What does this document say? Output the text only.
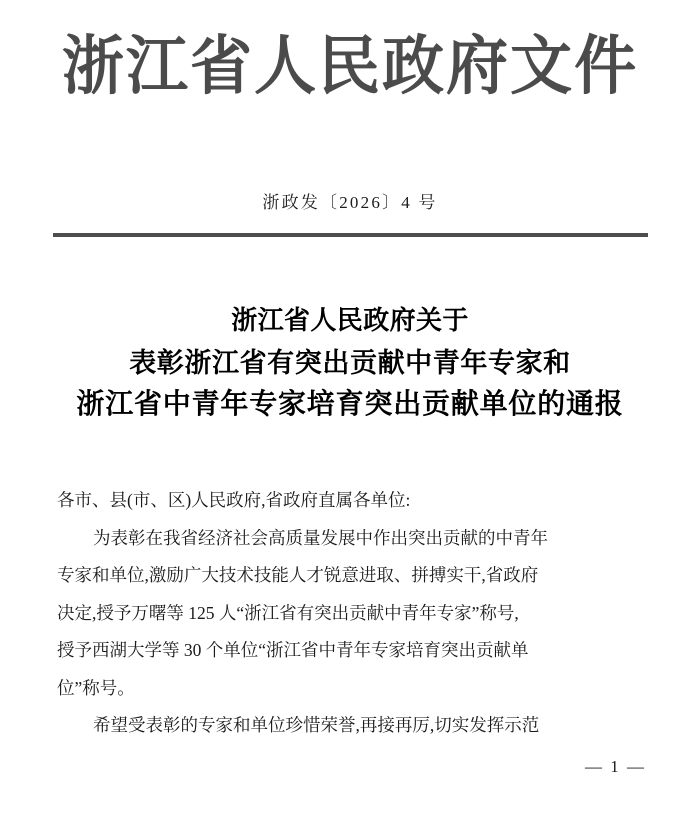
浙江省人民政府文件
浙政发〔2026〕4 号
浙江省人民政府关于
表彰浙江省有突出贡献中青年专家和
浙江省中青年专家培育突出贡献单位的通报
各市、县(市、区)人民政府,省政府直属各单位:
为表彰在我省经济社会高质量发展中作出突出贡献的中青年
专家和单位,激励广大技术技能人才锐意进取、拼搏实干,省政府
决定,授予万曙等 125 人“浙江省有突出贡献中青年专家”称号,
授予西湖大学等 30 个单位“浙江省中青年专家培育突出贡献单
位”称号。
希望受表彰的专家和单位珍惜荣誉,再接再厉,切实发挥示范
— 1 —
